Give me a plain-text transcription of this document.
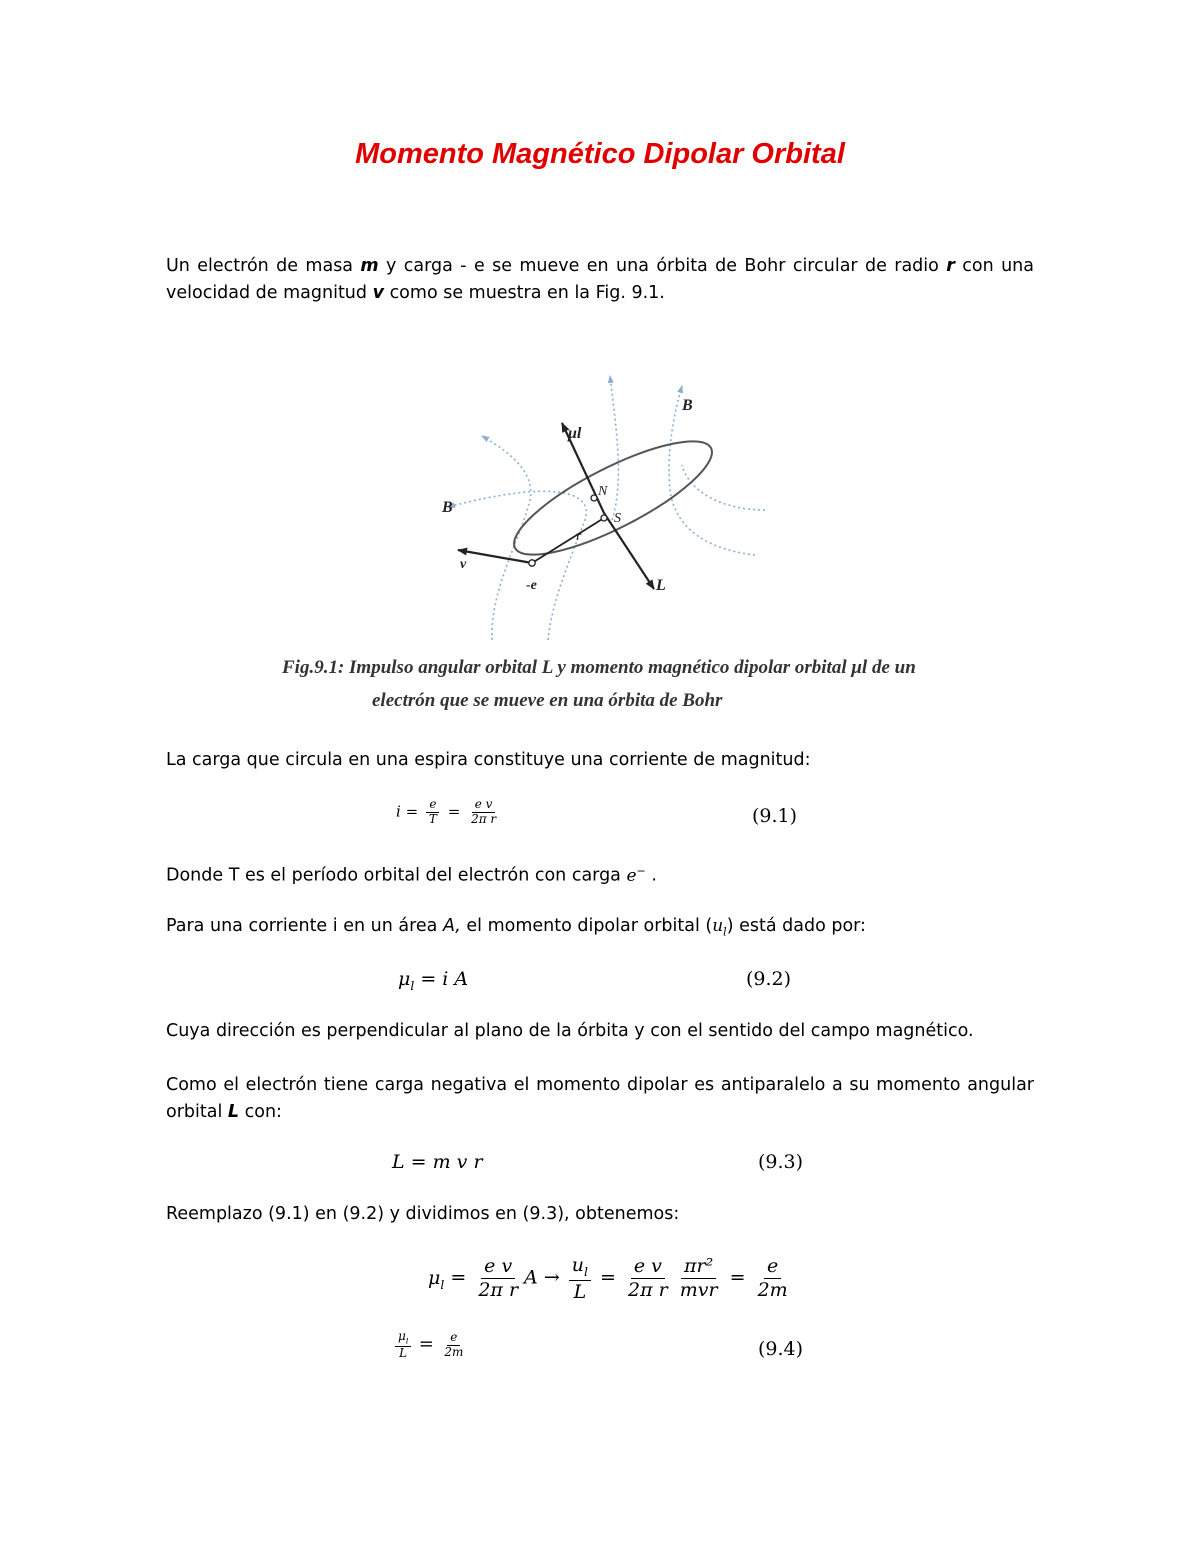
Momento Magnético Dipolar Orbital
Un electrón de masa m y carga - e se mueve en una órbita de Bohr circular de radio r con una velocidad de magnitud v como se muestra en la Fig. 9.1.
μl
B
B
N
S
r
v
-e	L
Fig.9.1: Impulso angular orbital L y momento magnético dipolar orbital μl de un
electrón que se mueve en una órbita de Bohr
La carga que circula en una espira constituye una corriente de magnitud:
$i = \frac{e}{T} = \frac{\text{e v}}{\text{2π r}}$	(9.1)
Donde T es el período orbital del electrón con carga e− .
Para una corriente i en un área A, el momento dipolar orbital $(u_l)$ está dado por:
$\mu_l = i$ A	(9.2)
Cuya dirección es perpendicular al plano de la órbita y con el sentido del campo magnético.
Como el electrón tiene carga negativa el momento dipolar es antiparalelo a su momento angular orbital L con:
L = m v r	(9.3)
Reemplazo (9.1) en (9.2) y dividimos en (9.3), obtenemos:
$\mu_l = \frac{\text{e v}}{\text{2π r}}$ $A \to \frac{u_l}{L} = \frac{\text{e v}}{\text{2π r}} \frac{\text{πr²}}{\text{mvr}} = \frac{e}{2m}$
$\frac{\mu_l}{L} = \frac{e}{2m}$	(9.4)
